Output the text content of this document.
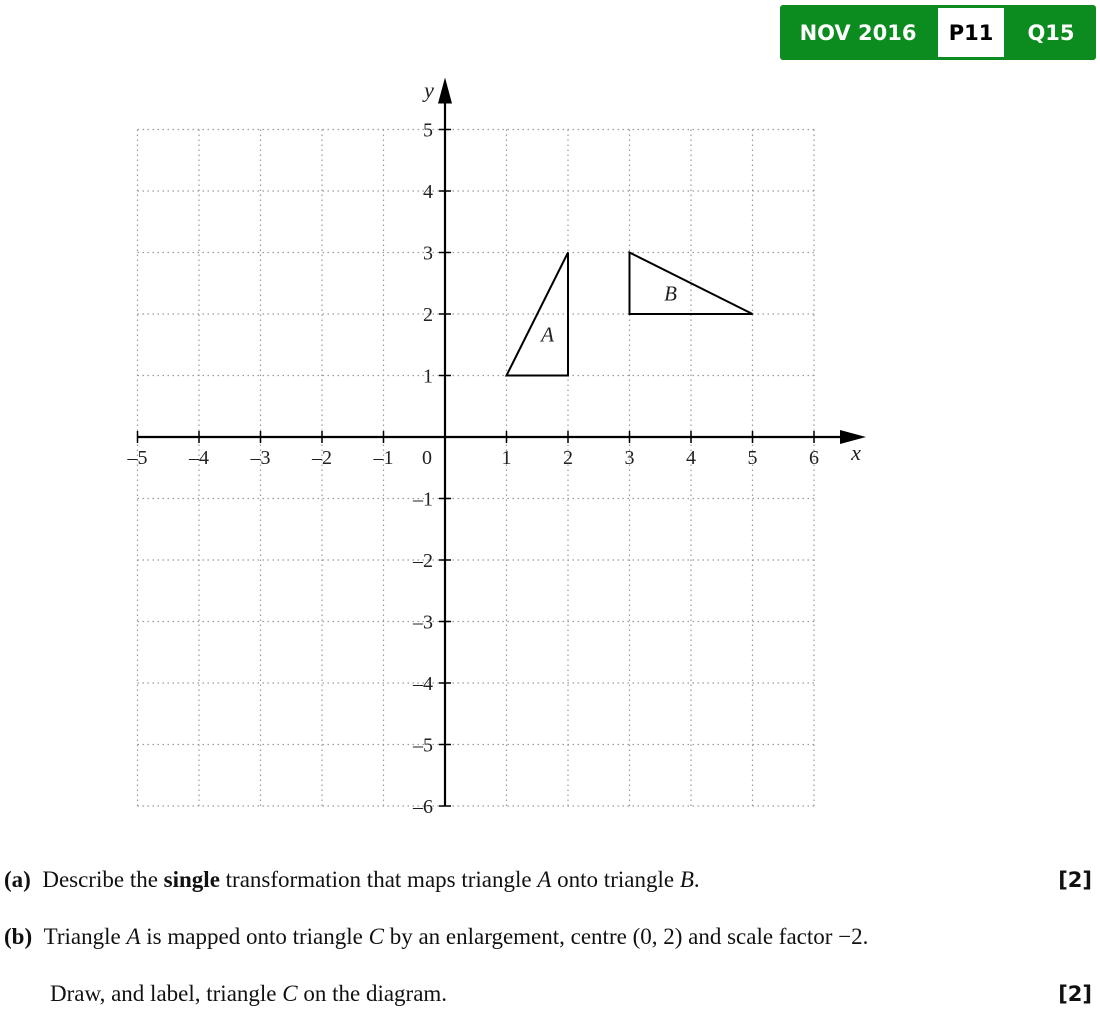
NOV 2016	P11	Q15
–5 –4 –3 –2 –1 0	1	2	3	4	5	6
–6
–5
–4
–3
–2
–1
1
2
3
4
5
x
y
A
B
(a) Describe the single transformation that maps triangle A onto triangle B.	[2]
(b) Triangle A is mapped onto triangle C by an enlargement, centre (0, 2) and scale factor −2.
Draw, and label, triangle C on the diagram.	[2]
